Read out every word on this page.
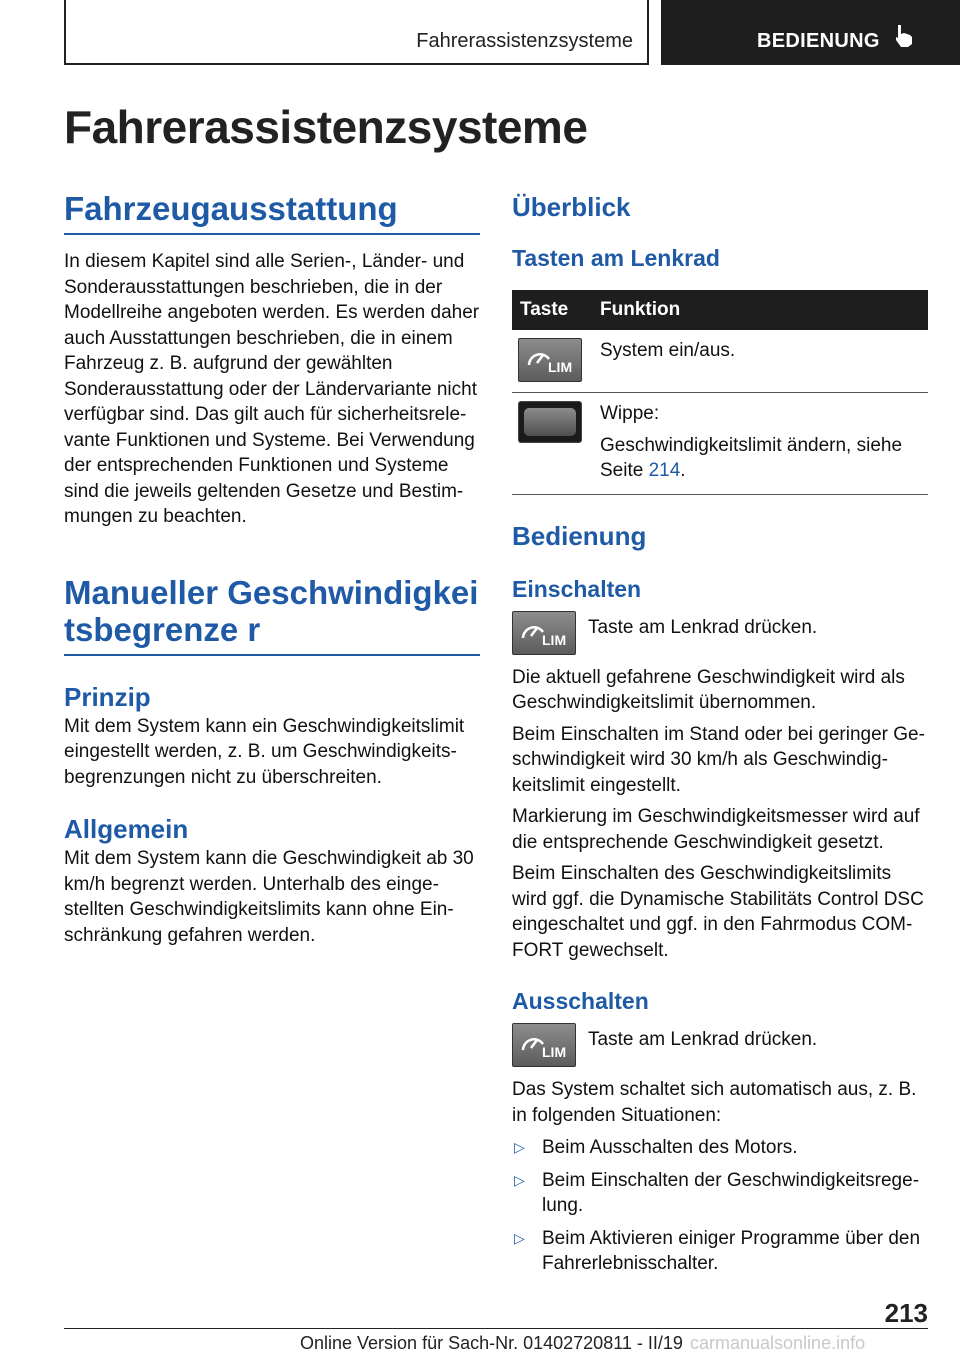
Fahrerassistenzsysteme	BEDIENUNG
Fahrerassistenzsysteme
Fahrzeugausstattung

In diesem Kapitel sind alle Serien-, Länder- und Sonderausstattungen beschrieben, die in der Modellreihe angeboten werden. Es werden daher auch Ausstattungen beschrieben, die in einem Fahrzeug z. B. aufgrund der gewählten Sonderausstattung oder der Ländervariante nicht verfügbar sind. Das gilt auch für sicherheitsrelevante Funktionen und Systeme. Bei Verwendung der entsprechenden Funktionen und Systeme sind die jeweils geltenden Gesetze und Bestimmungen zu beachten.

Manueller Geschwindigkeitsbegrenze r
Prinzip

Mit dem System kann ein Geschwindigkeitslimit eingestellt werden, z. B. um Geschwindigkeitsbegrenzungen nicht zu überschreiten.

Allgemein

Mit dem System kann die Geschwindigkeit ab 30 km/h begrenzt werden. Unterhalb des eingestellten Geschwindigkeitslimits kann ohne Einschränkung gefahren werden.

Überblick
Tasten am Lenkrad
Taste	Funktion

LIM	System ein/aus.

	Wippe:
Geschwindigkeitslimit ändern, siehe Seite 214.
Bedienung
Einschalten
LIM
Taste am Lenkrad drücken.

Die aktuell gefahrene Geschwindigkeit wird als Geschwindigkeitslimit übernommen.

Beim Einschalten im Stand oder bei geringer Geschwindigkeit wird 30 km/h als Geschwindigkeitslimit eingestellt.

Markierung im Geschwindigkeitsmesser wird auf die entsprechende Geschwindigkeit gesetzt.

Beim Einschalten des Geschwindigkeitslimits wird ggf. die Dynamische Stabilitäts Control DSC eingeschaltet und ggf. in den Fahrmodus COMFORT gewechselt.

Ausschalten
LIM
Taste am Lenkrad drücken.

Das System schaltet sich automatisch aus, z. B. in folgenden Situationen:

▷ Beim Ausschalten des Motors.
▷ Beim Einschalten der Geschwindigkeitsregelung.
▷ Beim Aktivieren einiger Programme über den Fahrerlebnisschalter.
213
Online Version für Sach-Nr. 01402720811 - II/19 carmanualsonline.info
